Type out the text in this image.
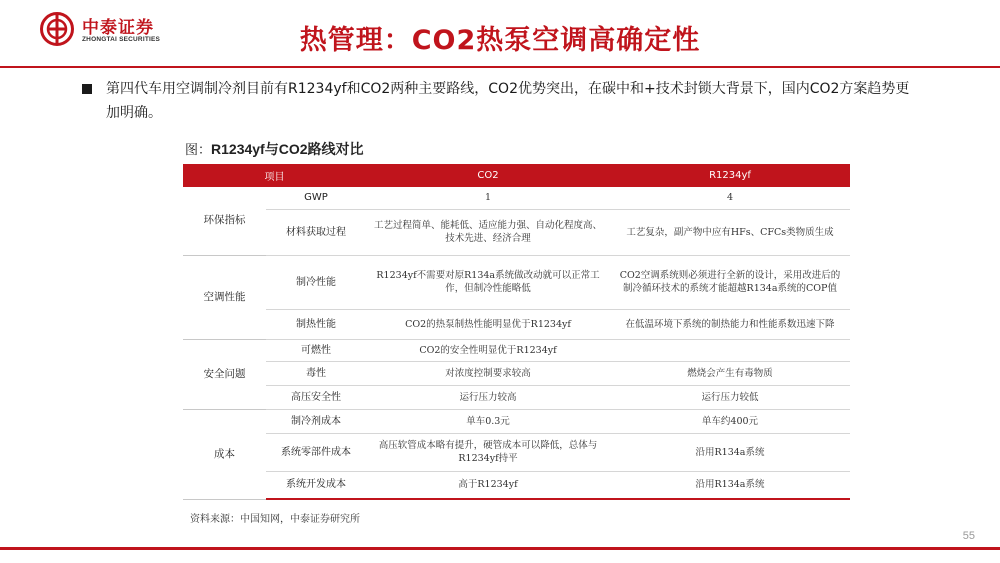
中泰证券
ZHONGTAI SECURITIES	热管理：CO2热泵空调高确定性
第四代车用空调制冷剂目前有R1234yf和CO2两种主要路线，CO2优势突出，在碳中和+技术封锁大背景下，国内CO2方案趋势更加明确。
图：R1234yf与CO2路线对比
项目		CO2	R1234yf
环保指标	GWP	1	4
	材料获取过程	工艺过程简单、能耗低、适应能力强、自动化程度高、技术先进、经济合理	工艺复杂，副产物中应有HFs、CFCs类物质生成
空调性能	制冷性能	R1234yf不需要对原R134a系统做改动就可以正常工作，但制冷性能略低	CO2空调系统则必须进行全新的设计，采用改进后的制冷循环技术的系统才能超越R134a系统的COP值
	制热性能	CO2的热泵制热性能明显优于R1234yf	在低温环境下系统的制热能力和性能系数迅速下降
安全问题	可燃性	CO2的安全性明显优于R1234yf	
	毒性	对浓度控制要求较高	燃烧会产生有毒物质
	高压安全性	运行压力较高	运行压力较低
成本	制冷剂成本	单车0.3元	单车约400元
	系统零部件成本	高压软管成本略有提升，硬管成本可以降低，总体与R1234yf持平	沿用R134a系统
	系统开发成本	高于R1234yf	沿用R134a系统
资料来源：中国知网，中泰证券研究所
55
